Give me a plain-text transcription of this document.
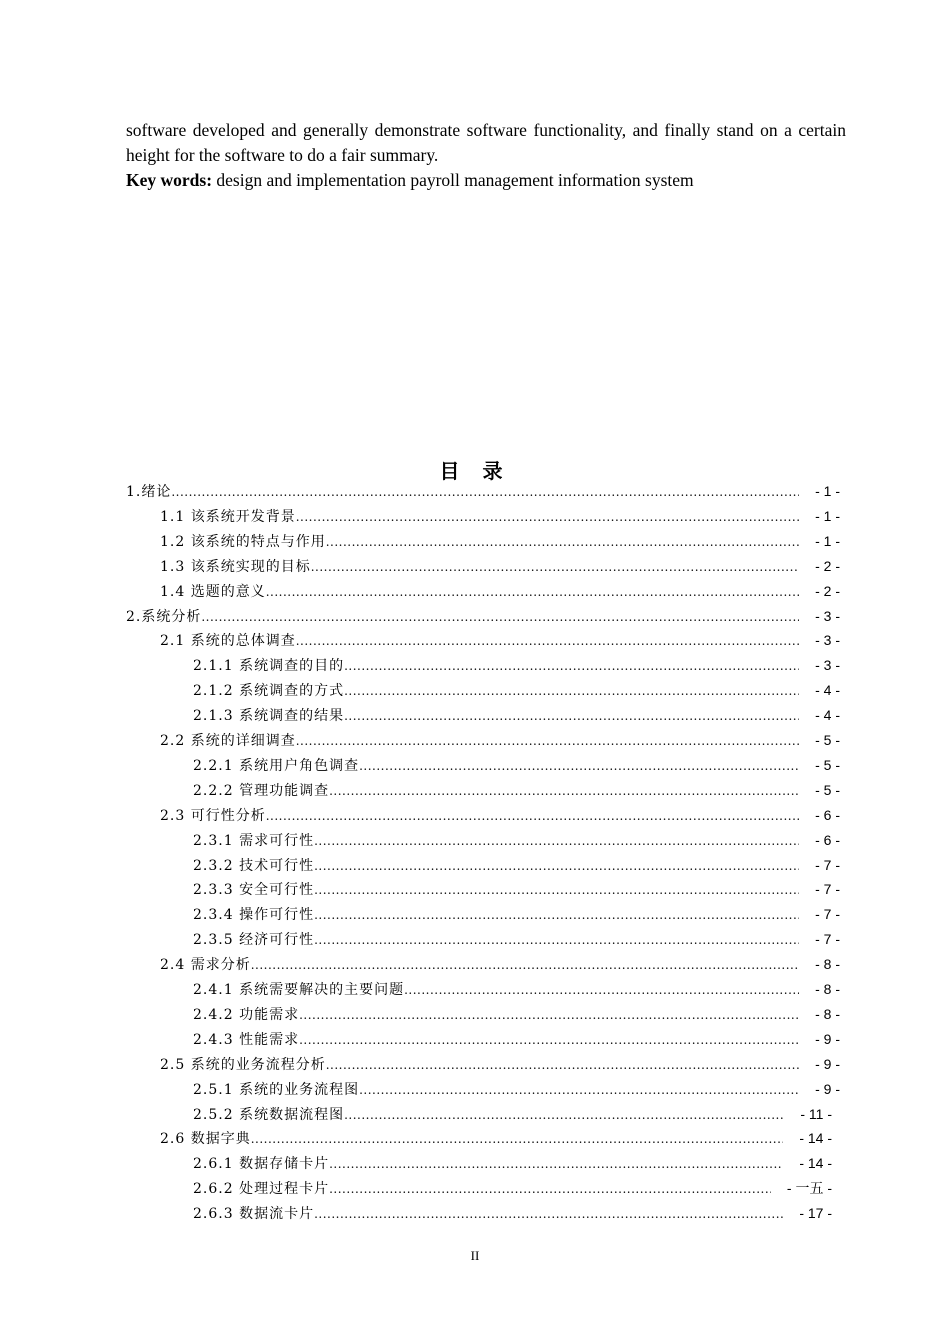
software developed and generally demonstrate software functionality, and finally stand on a certain height for the software to do a fair summary.

Key words: design and implementation payroll management information system

目 录
1.绪论 .....	- 1 -
1.1 该系统开发背景 .....	- 1 -
1.2 该系统的特点与作用 .....	- 1 -
1.3 该系统实现的目标 .....	- 2 -
1.4 选题的意义 .....	- 2 -
2.系统分析 .....	- 3 -
2.1 系统的总体调查 .....	- 3 -
2.1.1 系统调查的目的 .....	- 3 -
2.1.2 系统调查的方式 .....	- 4 -
2.1.3 系统调查的结果 .....	- 4 -
2.2 系统的详细调查 .....	- 5 -
2.2.1 系统用户角色调查 .....	- 5 -
2.2.2 管理功能调查 .....	- 5 -
2.3 可行性分析 .....	- 6 -
2.3.1 需求可行性 .....	- 6 -
2.3.2 技术可行性 .....	- 7 -
2.3.3 安全可行性 .....	- 7 -
2.3.4 操作可行性 .....	- 7 -
2.3.5 经济可行性 .....	- 7 -
2.4 需求分析 .....	- 8 -
2.4.1 系统需要解决的主要问题 .....	- 8 -
2.4.2 功能需求 .....	- 8 -
2.4.3 性能需求 .....	- 9 -
2.5 系统的业务流程分析 .....	- 9 -
2.5.1 系统的业务流程图 .....	- 9 -
2.5.2 系统数据流程图 .....	- 11 -
2.6 数据字典 .....	- 14 -
2.6.1 数据存储卡片 .....	- 14 -
2.6.2 处理过程卡片 .....	- 一五 -
2.6.3 数据流卡片 .....	- 17 -
II
